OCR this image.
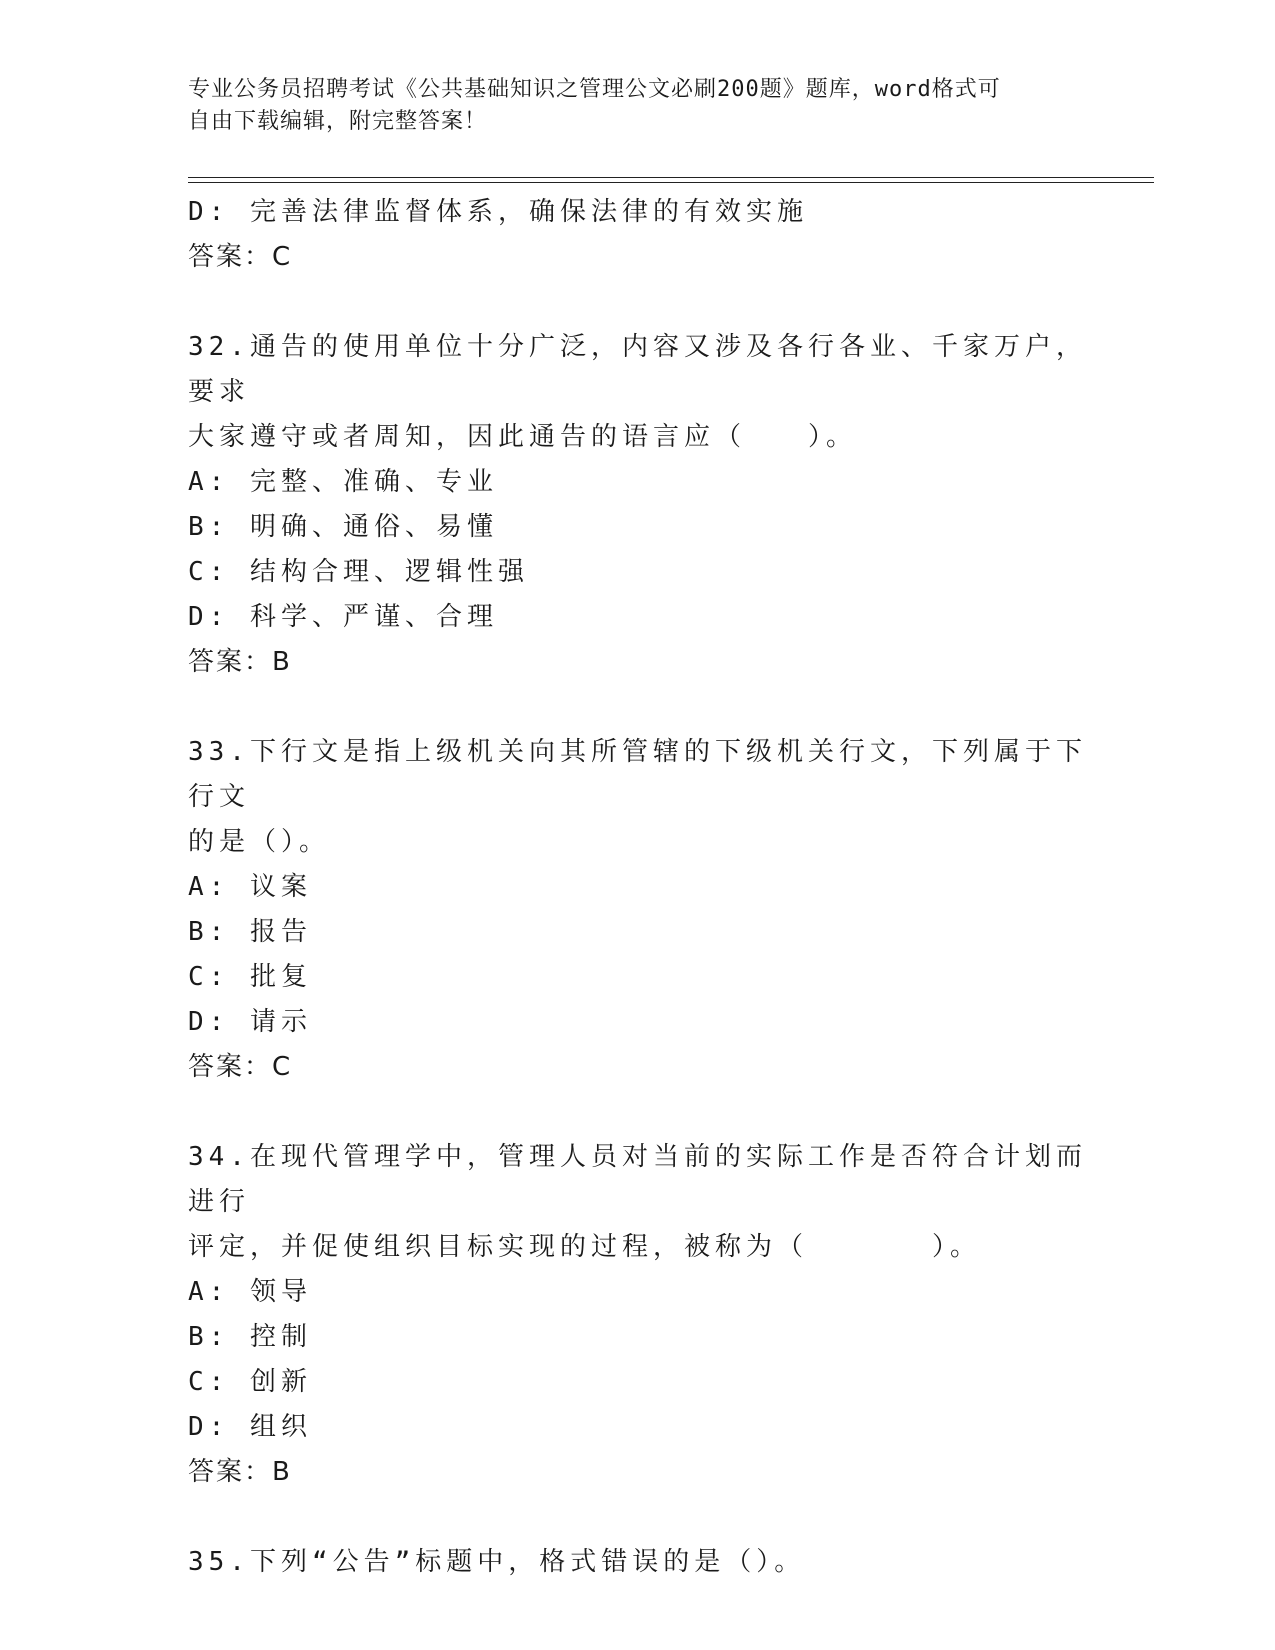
专业公务员招聘考试《公共基础知识之管理公文必刷200题》题库，word格式可
自由下载编辑，附完整答案！
D: 完善法律监督体系，确保法律的有效实施
答案：C
32.通告的使用单位十分广泛，内容又涉及各行各业、千家万户，要求
大家遵守或者周知，因此通告的语言应（　　）。
A: 完整、准确、专业
B: 明确、通俗、易懂
C: 结构合理、逻辑性强
D: 科学、严谨、合理
答案：B
33.下行文是指上级机关向其所管辖的下级机关行文，下列属于下行文
的是（）。
A: 议案
B: 报告
C: 批复
D: 请示
答案：C
34.在现代管理学中，管理人员对当前的实际工作是否符合计划而进行
评定，并促使组织目标实现的过程，被称为（　　　　）。
A: 领导
B: 控制
C: 创新
D: 组织
答案：B
35.下列“公告”标题中，格式错误的是（）。
